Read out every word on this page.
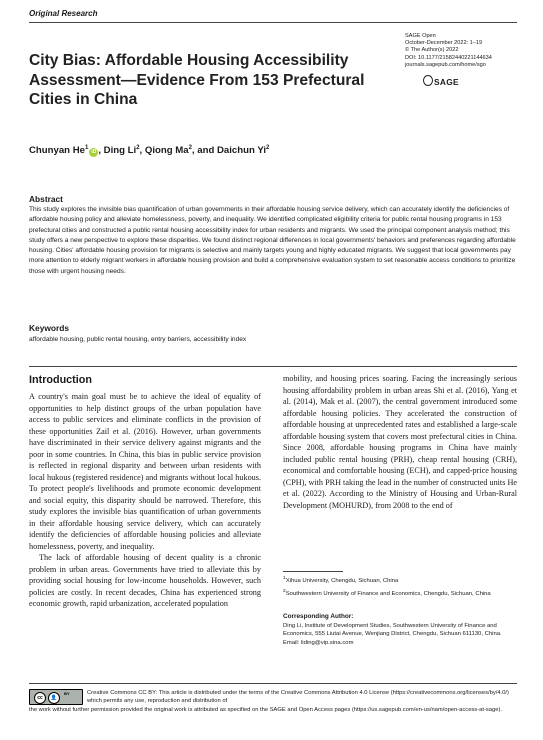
Original Research
City Bias: Affordable Housing Accessibility Assessment—Evidence From 153 Prefectural Cities in China
SAGE Open
October-December 2022: 1–19
© The Author(s) 2022
DOI: 10.1177/21582440221144634
journals.sagepub.com/home/sgo
SAGE
Chunyan He$^1$iD , Ding Li$^2$, Qiong Ma$^2$, and Daichun Yi$^2$
Abstract
This study explores the invisible bias quantification of urban governments in their affordable housing service delivery, which can accurately identify the deficiencies of affordable housing policy and alleviate homelessness, poverty, and inequality. We identified complicated eligibility criteria for public rental housing programs in 153 prefectural cities and constructed a public rental housing accessibility index for urban residents and migrants. We used the principal component analysis method; this study offers a new perspective to explore these disparities. We found distinct regional differences in local governments' behaviors and preferences regarding affordable housing. Cities' affordable housing provision for migrants is selective and mainly targets young and highly educated migrants. We suggest that local governments pay more attention to elderly migrant workers in affordable housing provision and build a comprehensive evaluation system to set reasonable access conditions to prioritize those with urgent housing needs.
Keywords
affordable housing, public rental housing, entry barriers, accessibility index
Introduction

A country's main goal must be to achieve the ideal of equality of opportunities to help distinct groups of the urban population have access to public services and eliminate conflicts in the provision of these opportunities Zail et al. (2016). However, urban governments have discriminated in their service delivery against migrants and the poor in some countries. In China, this bias in public service provision is reflected in regional disparity and between urban residents with local hukous (registered residence) and migrants without local hukous. To protect people's livelihoods and promote economic development and social equity, this disparity should be narrowed. Therefore, this study explores the invisible bias quantification of urban governments in their affordable housing service delivery, which can accurately identify the deficiencies of affordable housing policies and alleviate homelessness, poverty, and inequality.

The lack of affordable housing of decent quality is a chronic problem in urban areas. Governments have tried to alleviate this by providing social housing for low-income households. However, such policies are costly. In recent decades, China has experienced strong economic growth, rapid urbanization, accelerated population

mobility, and housing prices soaring. Facing the increasingly serious housing affordability problem in urban areas Shi et al. (2016), Yang et al. (2014), Mak et al. (2007), the central government introduced some affordable housing policies. They accelerated the construction of affordable housing at unprecedented rates and established a large-scale affordable housing system that covers most prefectural cities in China. Since 2008, affordable housing programs in China have mainly included public rental housing (PRH), cheap rental housing (CRH), economical and comfortable housing (ECH), and capped-price housing (CPH), with PRH taking the lead in the number of constructed units He et al. (2022). According to the Ministry of Housing and Urban-Rural Development (MOHURD), from 2008 to the end of

$^1$Xihua University, Chengdu, Sichuan, China
$^2$Southwestern University of Finance and Economics, Chengdu, Sichuan, China
Corresponding Author:
Ding Li, Institute of Development Studies, Southwestern University of Finance and Economics, 555 Liutai Avenue, Wenjiang District, Chengdu, Sichuan 611130, China.
Email: liding@vip.sina.com
cc	👤
BY	Creative Commons CC BY: This article is distributed under the terms of the Creative Commons Attribution 4.0 License (https://creativecommons.org/licenses/by/4.0/) which permits any use, reproduction and distribution of
the work without further permission provided the original work is attributed as specified on the SAGE and Open Access pages (https://us.sagepub.com/en-us/nam/open-access-at-sage).
